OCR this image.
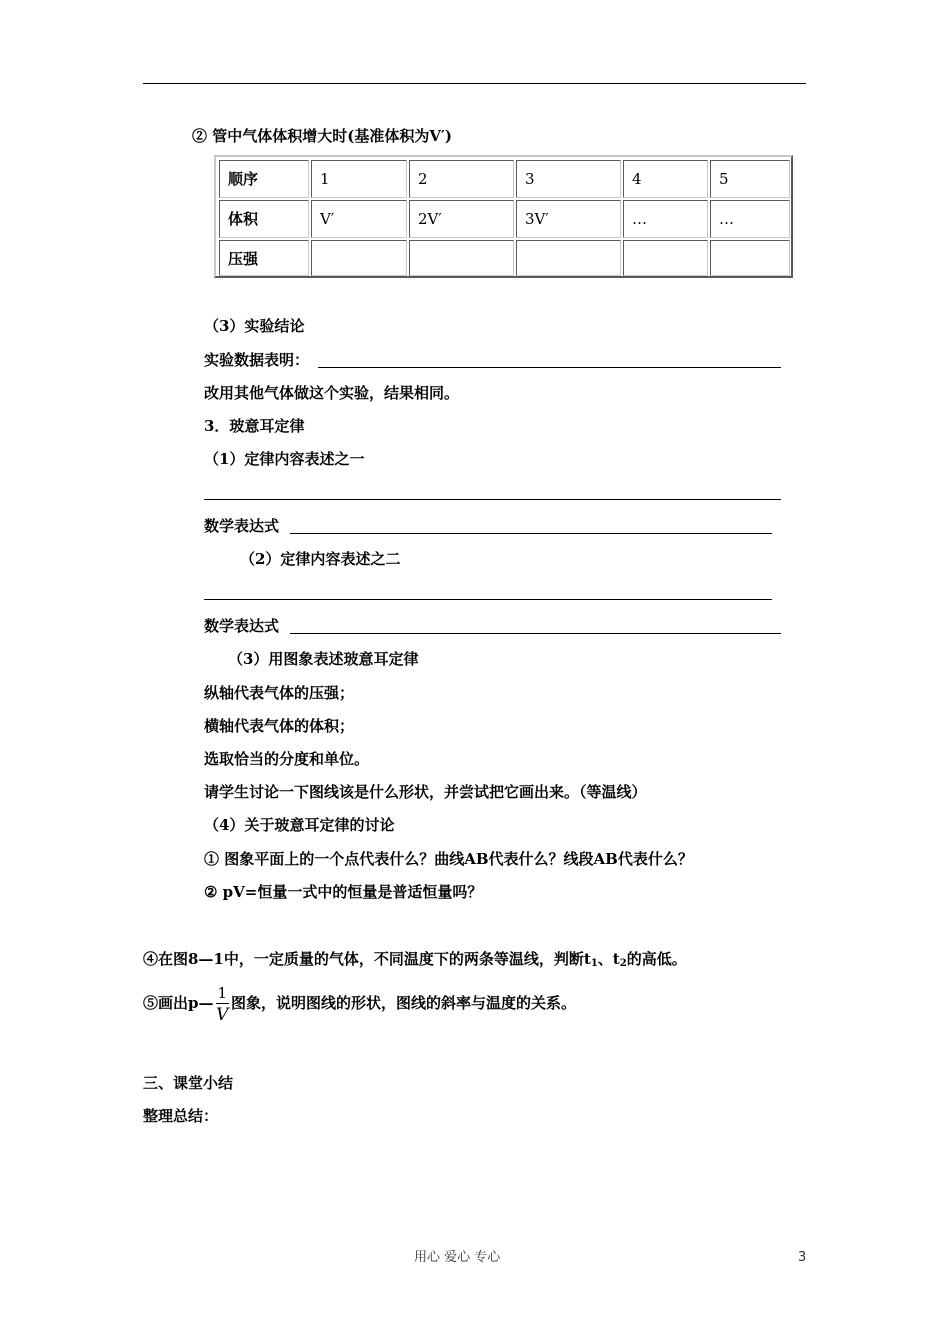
② 管中气体体积增大时(基准体积为V′)
顺序	1	2	3	4	5
体积	V′	2V′	3V′	…	…
压强
（3）实验结论
实验数据表明：
改用其他气体做这个实验，结果相同。
3．玻意耳定律
（1）定律内容表述之一
数学表达式
（2）定律内容表述之二
数学表达式
（3）用图象表述玻意耳定律
纵轴代表气体的压强；
横轴代表气体的体积；
选取恰当的分度和单位。
请学生讨论一下图线该是什么形状，并尝试把它画出来。（等温线）
（4）关于玻意耳定律的讨论
① 图象平面上的一个点代表什么？曲线AB代表什么？线段AB代表什么？
② pV=恒量一式中的恒量是普适恒量吗？
④在图8—1中，一定质量的气体，不同温度下的两条等温线，判断$t_1$、$t_2$的高低。
⑤画出p— $\frac{1}{V}$ 图象，说明图线的形状，图线的斜率与温度的关系。
三、课堂小结
整理总结：
用心 爱心 专心	3
